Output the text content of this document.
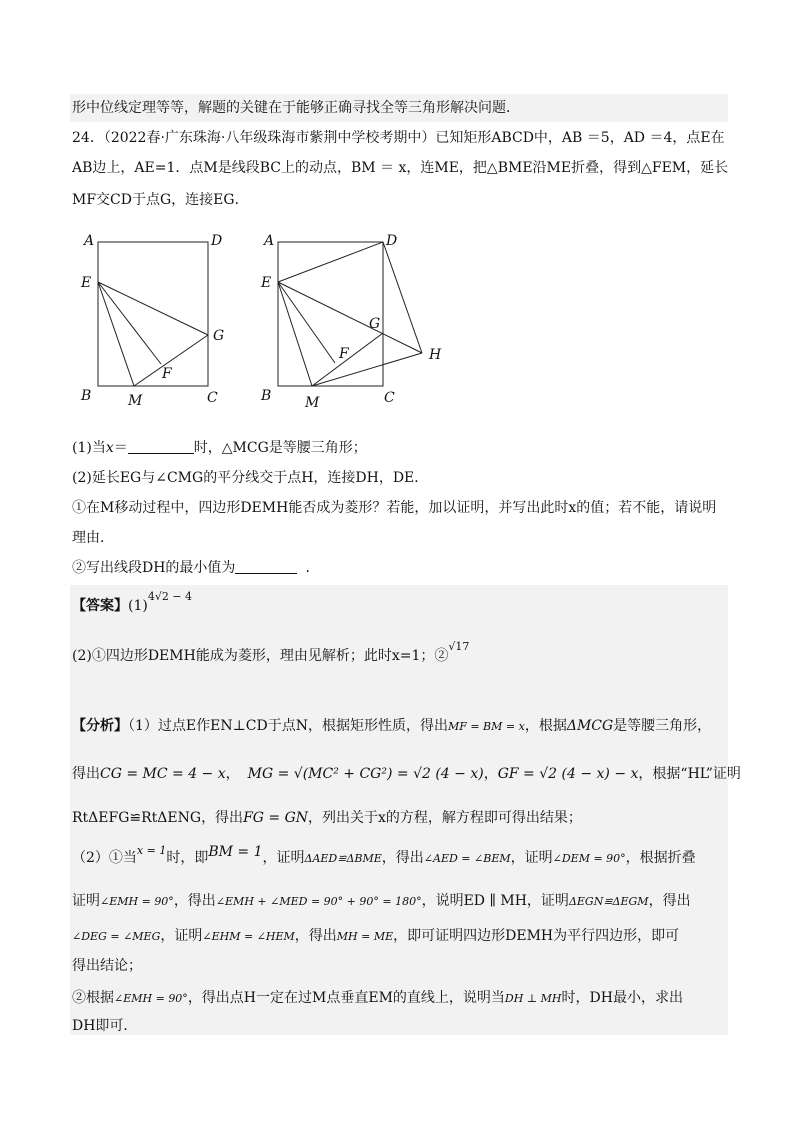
形中位线定理等等，解题的关键在于能够正确寻找全等三角形解决问题．
24．（2022春·广东珠海·八年级珠海市紫荆中学校考期中）已知矩形ABCD中，AB ＝5，AD ＝4，点E在
AB边上，AE=1．点M是线段BC上的动点，BM ＝ x，连ME，把△BME沿ME折叠，得到△FEM，延长
MF交CD于点G，连接EG．
A	D
E
G
F
B	M	C
A	D
E
G
F	H
B M	C
(1)当x＝	时，△MCG是等腰三角形；
(2)延长EG与∠CMG的平分线交于点H，连接DH，DE．
①在M移动过程中，四边形DEMH能否成为菱形？若能，加以证明，并写出此时x的值；若不能，请说明
理由．
②写出线段DH的最小值为	．
【答案】$(1)^{4√2 - 4}$
(2)①四边形DEMH能成为菱形，理由见解析；此时x=1；②$^{√17}$
【分析】（1）过点E作EN⊥CD于点N，根据矩形性质，得出MF = BM = x，根据ΔMCG是等腰三角形，
得出CG = MC = 4 − x， MG = √(MC² + CG²) = √2 (4 − x)，GF = √2 (4 − x) − x，根据“HL”证明
RtΔEFG≌RtΔENG，得出FG = GN，列出关于x的方程，解方程即可得出结果；
（2）①当$^{x = 1}$时，即BM = 1，证明ΔAED≌ΔBME，得出∠AED = ∠BEM，证明∠DEM = 90°，根据折叠
证明∠EMH = 90°，得出∠EMH + ∠MED = 90° + 90° = 180°，说明ED ∥ MH，证明ΔEGN≌ΔEGM，得出
∠DEG = ∠MEG，证明∠EHM = ∠HEM，得出MH = ME，即可证明四边形DEMH为平行四边形，即可
得出结论；
②根据∠EMH = 90°，得出点H一定在过M点垂直EM的直线上，说明当DH ⊥ MH时，DH最小，求出
DH即可．
